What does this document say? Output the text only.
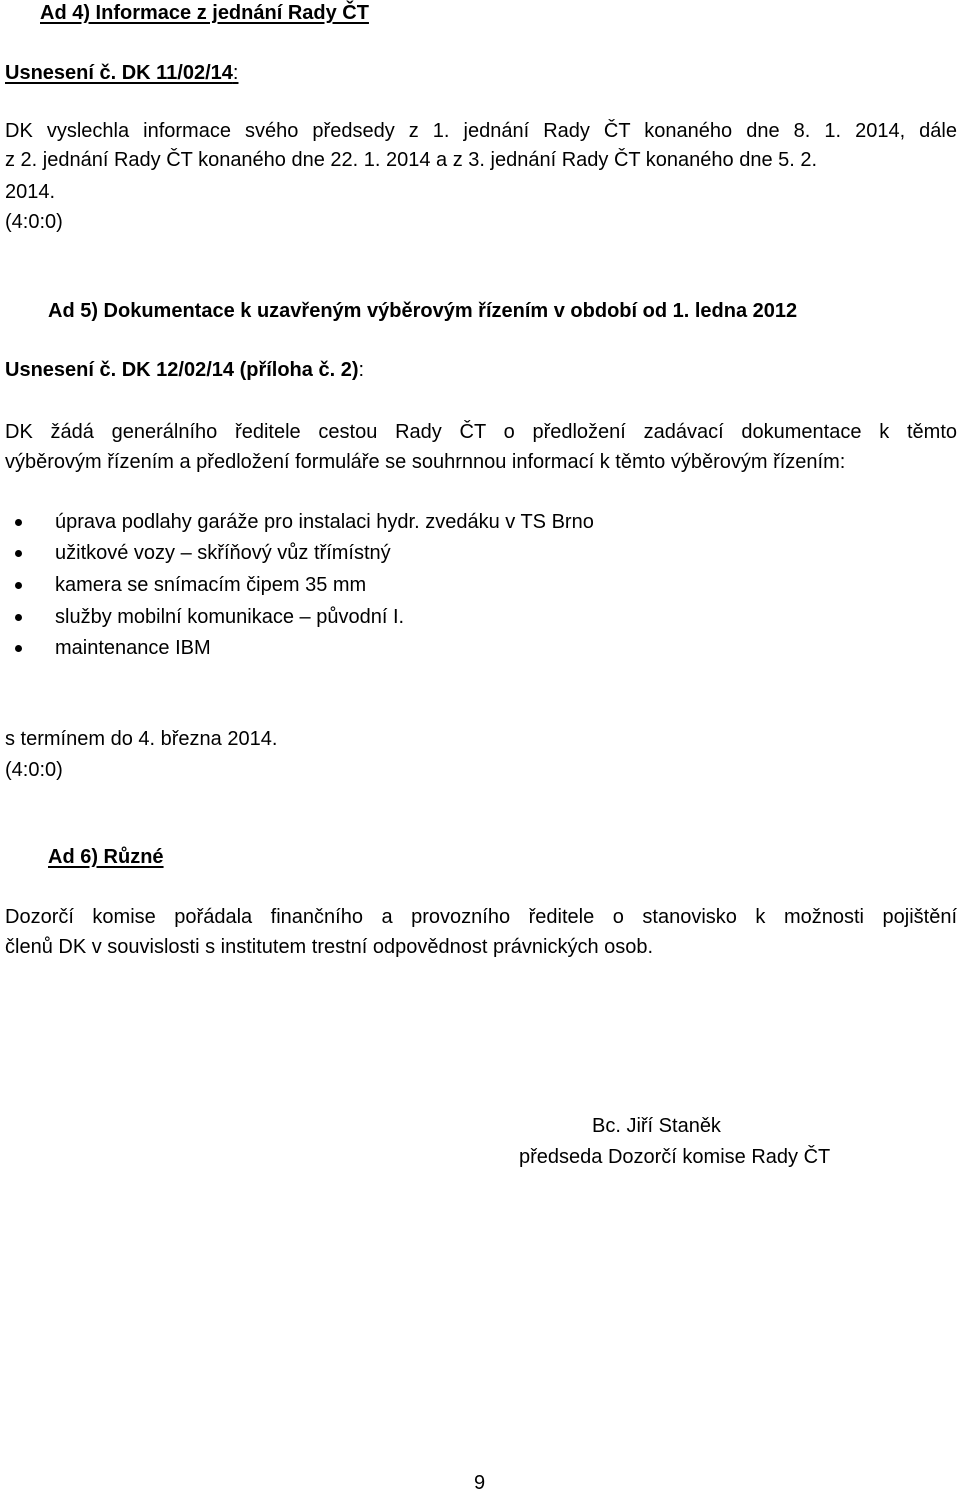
Ad 4) Informace z jednání Rady ČT

Usnesení č. DK 11/02/14:

DK vyslechla informace svého předsedy z 1. jednání Rady ČT konaného dne 8. 1. 2014, dále

z 2. jednání Rady ČT konaného dne 22. 1. 2014 a z 3. jednání Rady ČT konaného dne 5. 2.

2014.

(4:0:0)

Ad 5) Dokumentace k uzavřeným výběrovým řízením v období od 1. ledna 2012

Usnesení č. DK 12/02/14 (příloha č. 2):

DK žádá generálního ředitele cestou Rady ČT o předložení zadávací dokumentace k těmto

výběrovým řízením a předložení formuláře se souhrnnou informací k těmto výběrovým řízením:

úprava podlahy garáže pro instalaci hydr. zvedáku v TS Brno

užitkové vozy – skříňový vůz třímístný

kamera se snímacím čipem 35 mm

služby mobilní komunikace – původní I.

maintenance IBM

s termínem do 4. března 2014.

(4:0:0)

Ad 6) Různé

Dozorčí komise pořádala finančního a provozního ředitele o stanovisko k možnosti pojištění

členů DK v souvislosti s institutem trestní odpovědnost právnických osob.

Bc. Jiří Staněk

předseda Dozorčí komise Rady ČT

9
